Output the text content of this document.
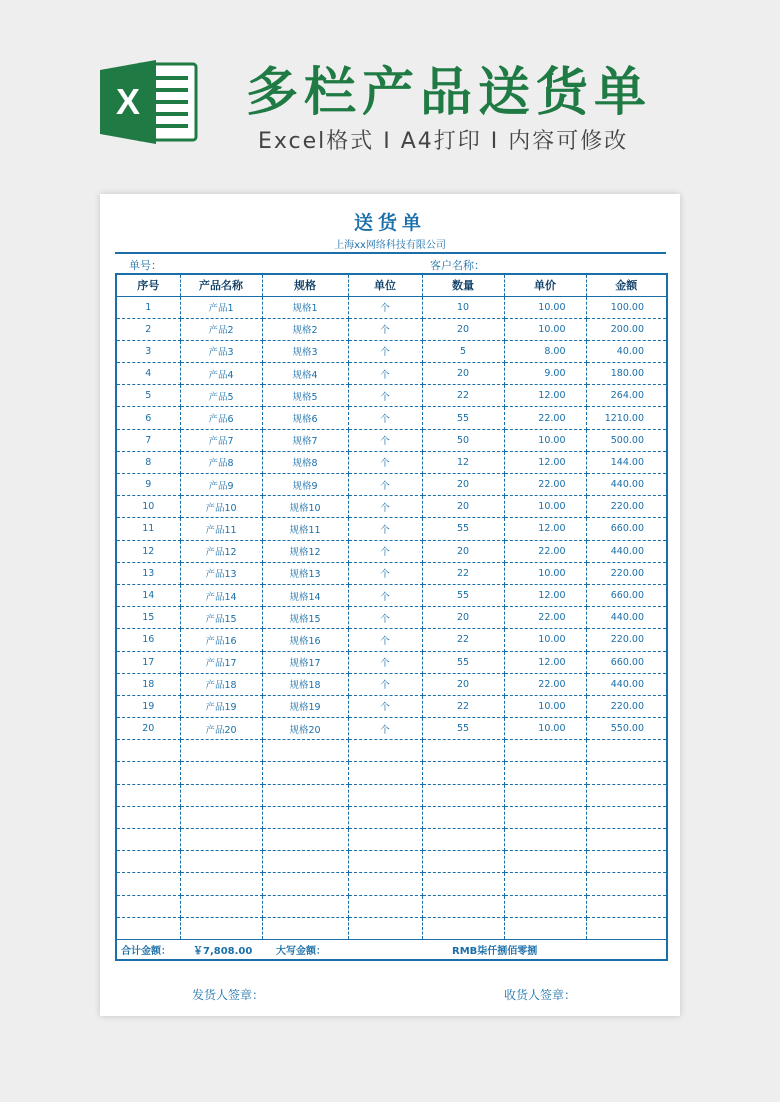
X 多栏产品送货单
Excel格式 I A4打印 I 内容可修改
送货单
上海xx网络科技有限公司
单号：	客户名称：
序号	产品名称	规格	单位	数量	单价	金额
1	产品1	规格1	个	10	10.00	100.00
2	产品2	规格2	个	20	10.00	200.00
3	产品3	规格3	个	5	8.00	40.00
4	产品4	规格4	个	20	9.00	180.00
5	产品5	规格5	个	22	12.00	264.00
6	产品6	规格6	个	55	22.00	1210.00
7	产品7	规格7	个	50	10.00	500.00
8	产品8	规格8	个	12	12.00	144.00
9	产品9	规格9	个	20	22.00	440.00
10	产品10	规格10	个	20	10.00	220.00
11	产品11	规格11	个	55	12.00	660.00
12	产品12	规格12	个	20	22.00	440.00
13	产品13	规格13	个	22	10.00	220.00
14	产品14	规格14	个	55	12.00	660.00
15	产品15	规格15	个	20	22.00	440.00
16	产品16	规格16	个	22	10.00	220.00
17	产品17	规格17	个	55	12.00	660.00
18	产品18	规格18	个	20	22.00	440.00
19	产品19	规格19	个	22	10.00	220.00
20	产品20	规格20	个	55	10.00	550.00

合计金额： ￥7,808.00		大写金额：		RMB柒仟捌佰零捌		
发货人签章：	收货人签章：
